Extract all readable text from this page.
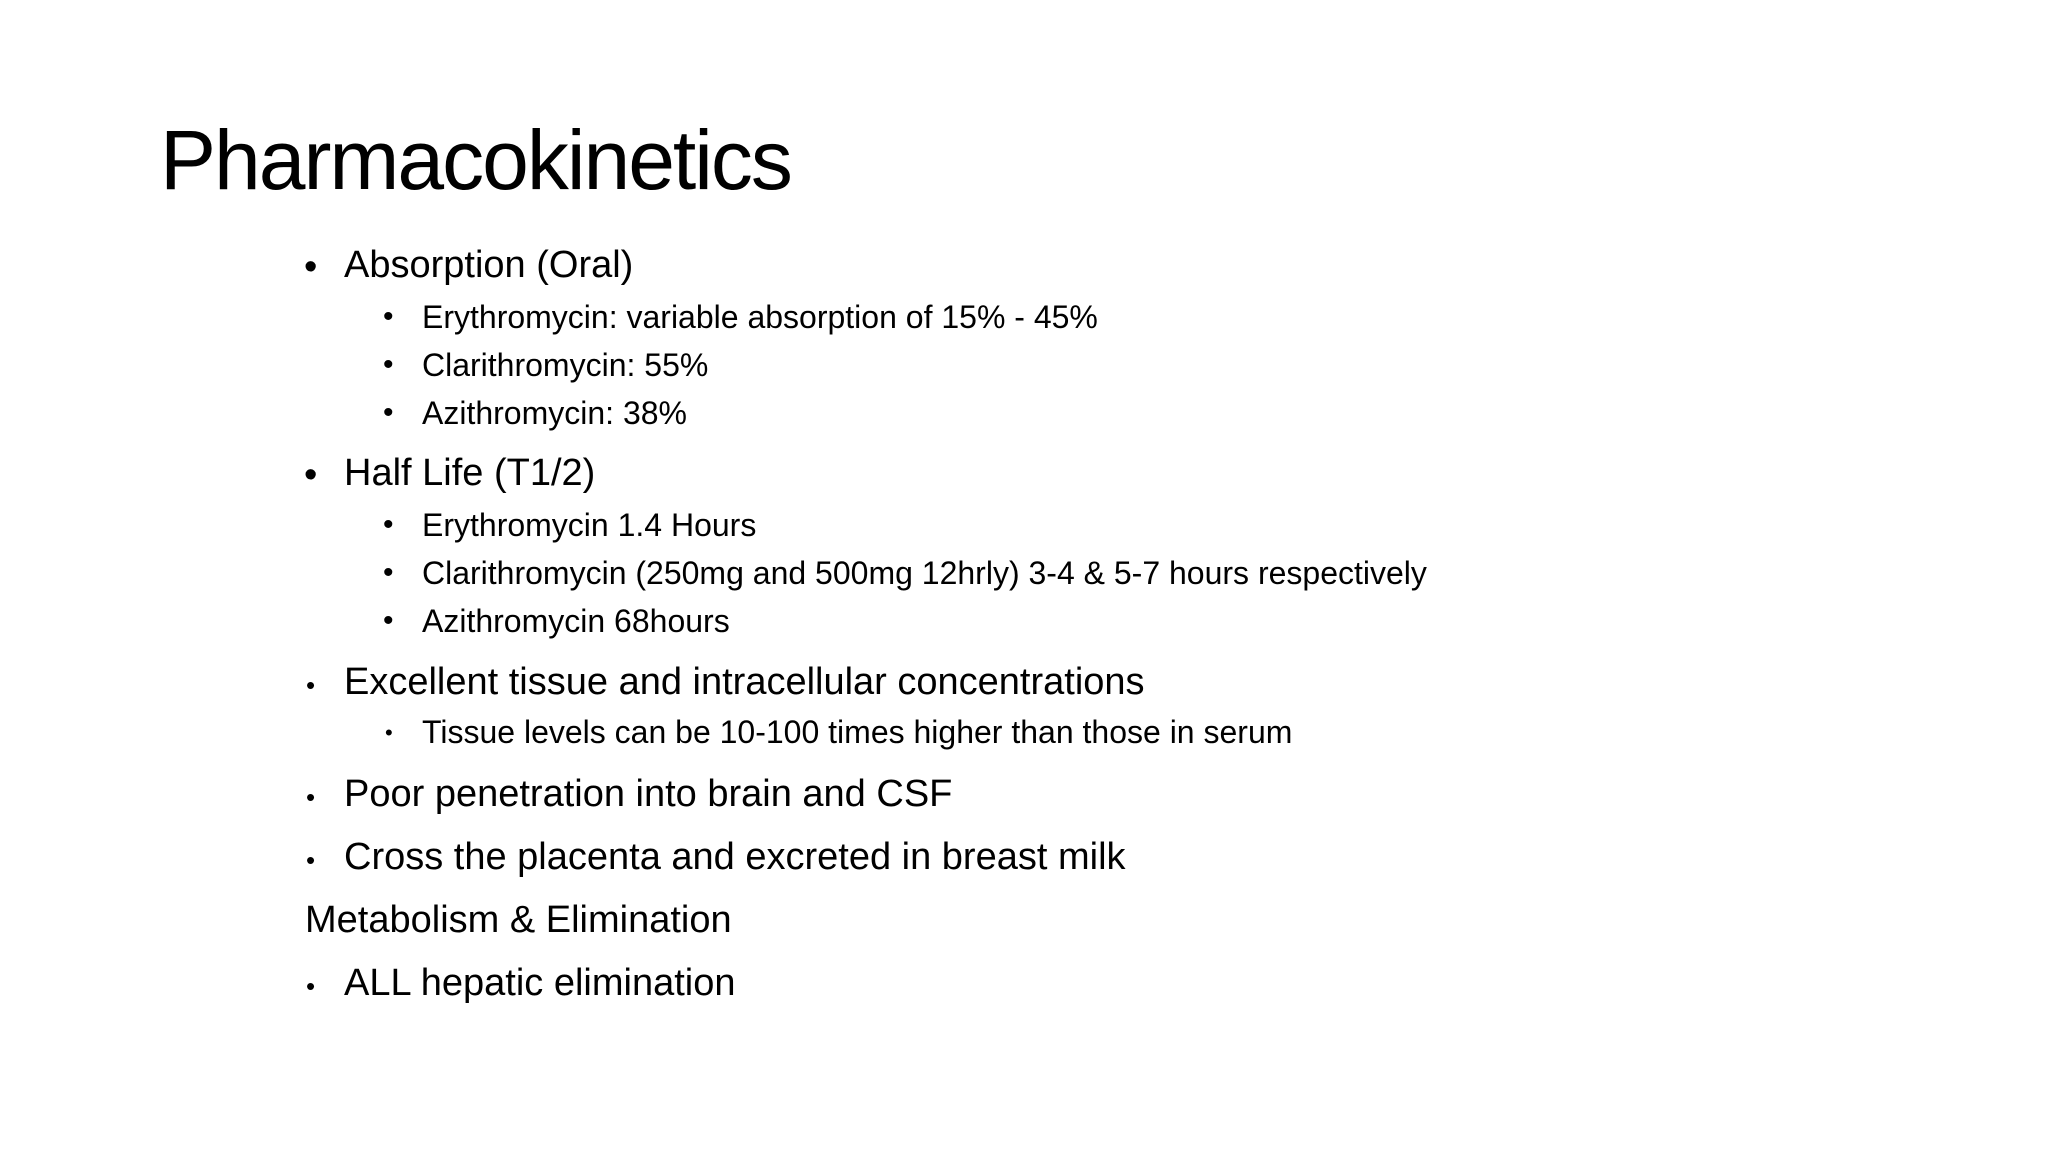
Pharmacokinetics
• Absorption (Oral)
• Erythromycin: variable absorption of 15% - 45%
• Clarithromycin: 55%
• Azithromycin: 38%
• Half Life (T1/2)
• Erythromycin 1.4 Hours
• Clarithromycin (250mg and 500mg 12hrly) 3-4 & 5-7 hours respectively
• Azithromycin 68hours
• Excellent tissue and intracellular concentrations
• Tissue levels can be 10-100 times higher than those in serum
• Poor penetration into brain and CSF
• Cross the placenta and excreted in breast milk
Metabolism & Elimination
• ALL hepatic elimination
